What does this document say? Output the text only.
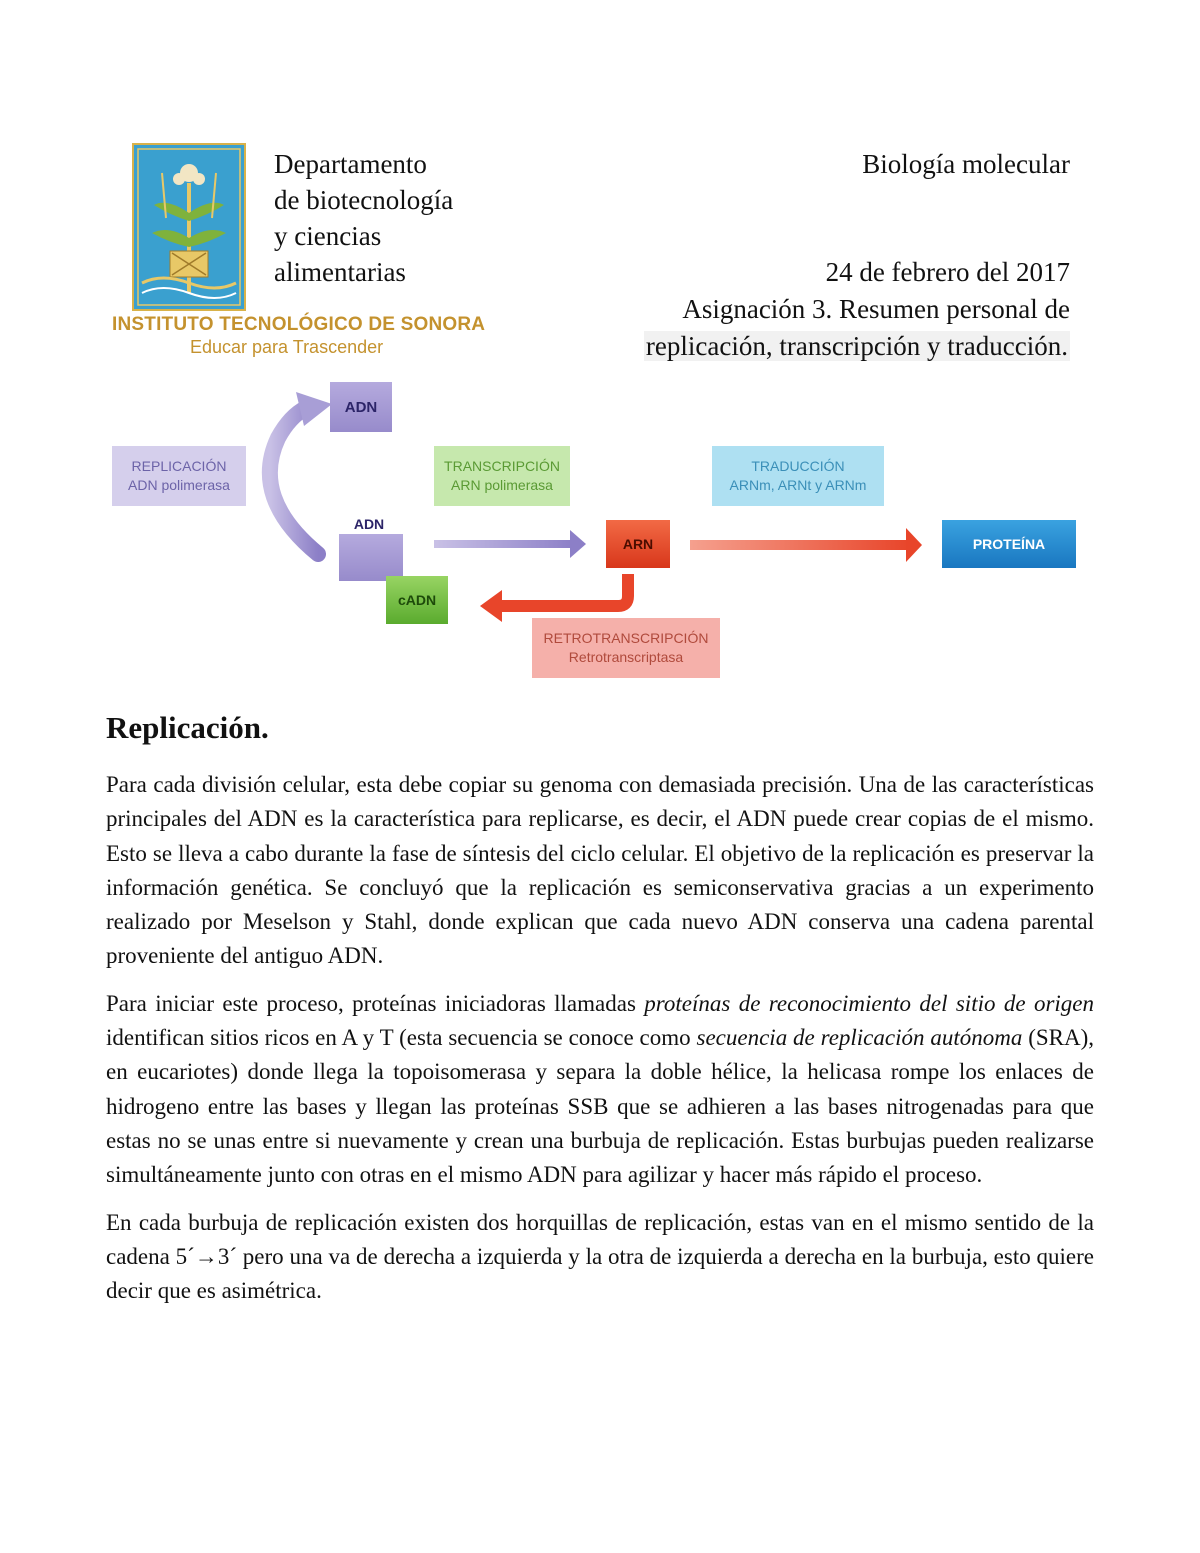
INSTITUTO TECNOLÓGICO DE SONORA
Educar para Trascender
Departamento
de biotecnología
y ciencias
alimentarias
Biología molecular
24 de febrero del 2017
Asignación 3. Resumen personal de
replicación, transcripción y traducción.
ADN
REPLICACIÓN
ADN polimerasa
ADN
cADN
TRANSCRIPCIÓN
ARN polimerasa
ARN
TRADUCCIÓN
ARNm, ARNt y ARNm
PROTEÍNA
RETROTRANSCRIPCIÓN
Retrotranscriptasa
Replicación.

Para cada división celular, esta debe copiar su genoma con demasiada precisión. Una de las características principales del ADN es la característica para replicarse, es decir, el ADN puede crear copias de el mismo. Esto se lleva a cabo durante la fase de síntesis del ciclo celular. El objetivo de la replicación es preservar la información genética. Se concluyó que la replicación es semiconservativa gracias a un experimento realizado por Meselson y Stahl, donde explican que cada nuevo ADN conserva una cadena parental proveniente del antiguo ADN.

Para iniciar este proceso, proteínas iniciadoras llamadas proteínas de reconocimiento del sitio de origen identifican sitios ricos en A y T (esta secuencia se conoce como secuencia de replicación autónoma (SRA), en eucariotes) donde llega la topoisomerasa y separa la doble hélice, la helicasa rompe los enlaces de hidrogeno entre las bases y llegan las proteínas SSB que se adhieren a las bases nitrogenadas para que estas no se unas entre si nuevamente y crean una burbuja de replicación. Estas burbujas pueden realizarse simultáneamente junto con otras en el mismo ADN para agilizar y hacer más rápido el proceso.

En cada burbuja de replicación existen dos horquillas de replicación, estas van en el mismo sentido de la cadena 5´→3´ pero una va de derecha a izquierda y la otra de izquierda a derecha en la burbuja, esto quiere decir que es asimétrica.
